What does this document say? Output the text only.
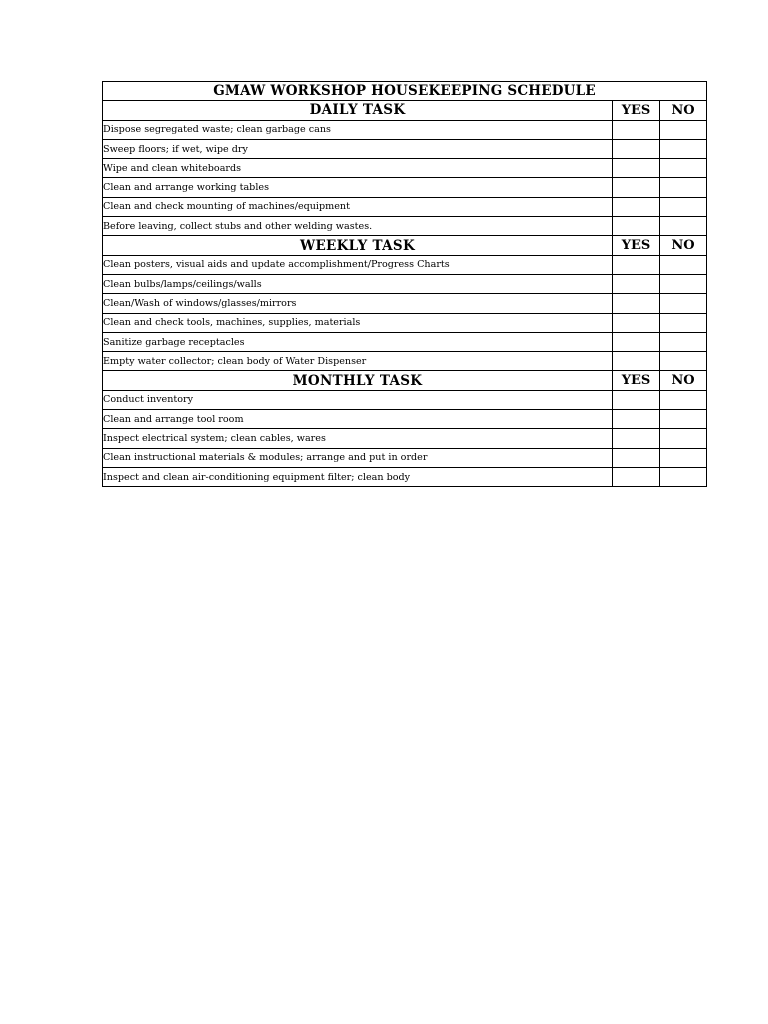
GMAW WORKSHOP HOUSEKEEPING SCHEDULE		
DAILY TASK	YES	NO
Dispose segregated waste; clean garbage cans		
Sweep floors; if wet, wipe dry		
Wipe and clean whiteboards		
Clean and arrange working tables		
Clean and check mounting of machines/equipment		
Before leaving, collect stubs and other welding wastes.		
WEEKLY TASK	YES	NO
Clean posters, visual aids and update accomplishment/Progress Charts		
Clean bulbs/lamps/ceilings/walls		
Clean/Wash of windows/glasses/mirrors		
Clean and check tools, machines, supplies, materials		
Sanitize garbage receptacles		
Empty water collector; clean body of Water Dispenser		
MONTHLY TASK	YES	NO
Conduct inventory		
Clean and arrange tool room		
Inspect electrical system; clean cables, wares		
Clean instructional materials & modules; arrange and put in order		
Inspect and clean air-conditioning equipment filter; clean body		
